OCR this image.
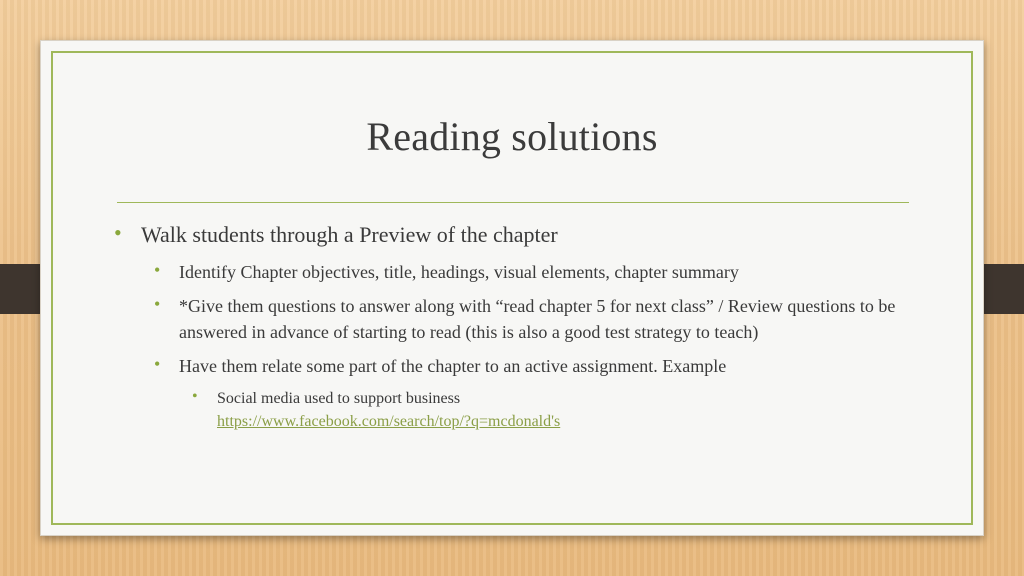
Reading solutions
• Walk students through a Preview of the chapter
• Identify Chapter objectives, title, headings, visual elements, chapter summary
• *Give them questions to answer along with “read chapter 5 for next class” / Review questions to be answered in advance of starting to read (this is also a good test strategy to teach)
• Have them relate some part of the chapter to an active assignment. Example
• Social media used to support business
https://www.facebook.com/search/top/?q=mcdonald's
